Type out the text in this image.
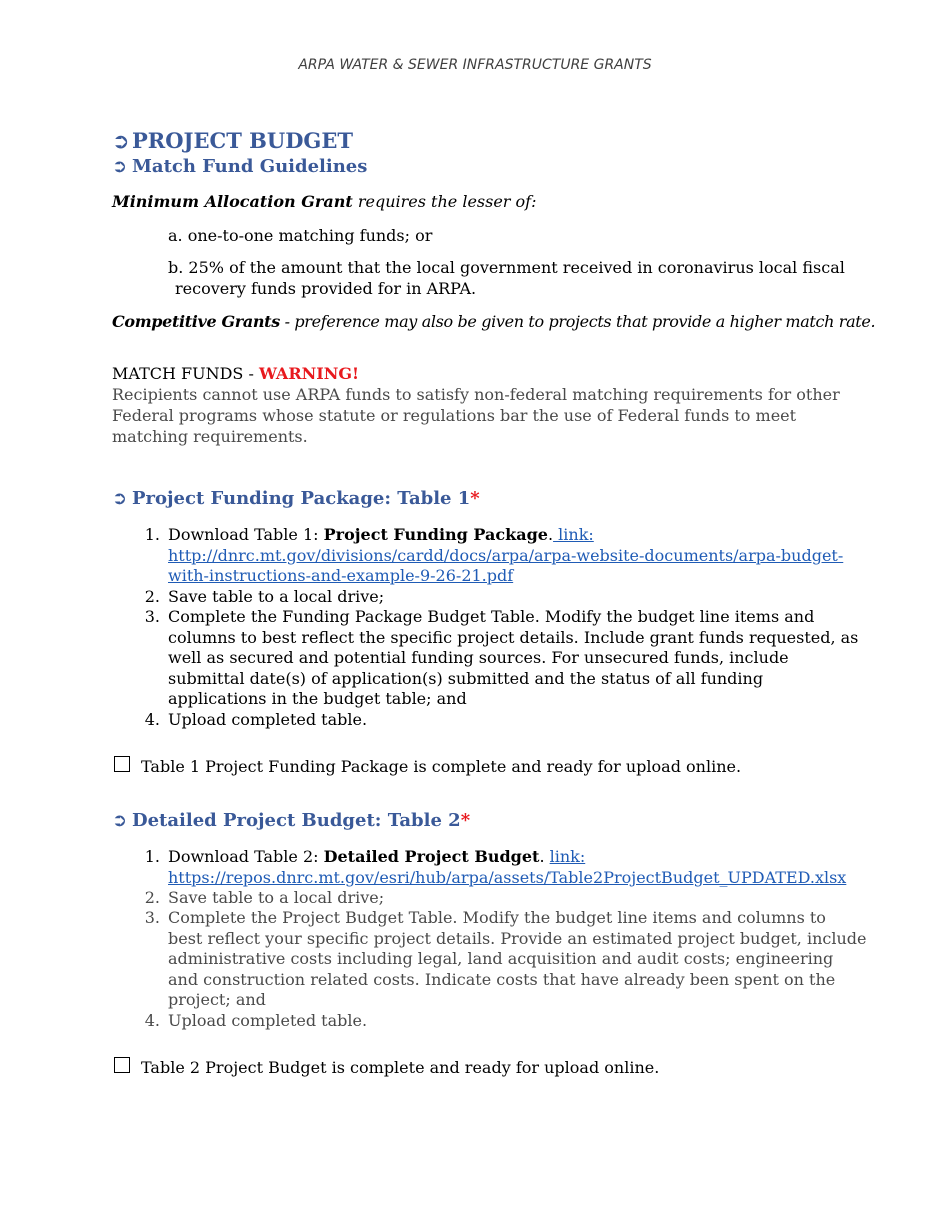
ARPA WATER & SEWER INFRASTRUCTURE GRANTS
➲ PROJECT BUDGET
➲ Match Fund Guidelines
Minimum Allocation Grant requires the lesser of:
a. one-to-one matching funds; or
b. 25% of the amount that the local government received in coronavirus local fiscal
recovery funds provided for in ARPA.
Competitive Grants - preference may also be given to projects that provide a higher match rate.
MATCH FUNDS - WARNING!
Recipients cannot use ARPA funds to satisfy non-federal matching requirements for other
Federal programs whose statute or regulations bar the use of Federal funds to meet
matching requirements.
➲ Project Funding Package: Table 1*
1. Download Table 1: Project Funding Package. link:
http://dnrc.mt.gov/divisions/cardd/docs/arpa/arpa-website-documents/arpa-budget-
with-instructions-and-example-9-26-21.pdf
2. Save table to a local drive;
3. Complete the Funding Package Budget Table. Modify the budget line items and
columns to best reflect the specific project details. Include grant funds requested, as
well as secured and potential funding sources. For unsecured funds, include
submittal date(s) of application(s) submitted and the status of all funding
applications in the budget table; and
4. Upload completed table.
Table 1 Project Funding Package is complete and ready for upload online.
➲ Detailed Project Budget: Table 2*
1. Download Table 2: Detailed Project Budget. link:
https://repos.dnrc.mt.gov/esri/hub/arpa/assets/Table2ProjectBudget_UPDATED.xlsx
2. Save table to a local drive;
3. Complete the Project Budget Table. Modify the budget line items and columns to
best reflect your specific project details. Provide an estimated project budget, include
administrative costs including legal, land acquisition and audit costs; engineering
and construction related costs. Indicate costs that have already been spent on the
project; and
4. Upload completed table.
Table 2 Project Budget is complete and ready for upload online.
